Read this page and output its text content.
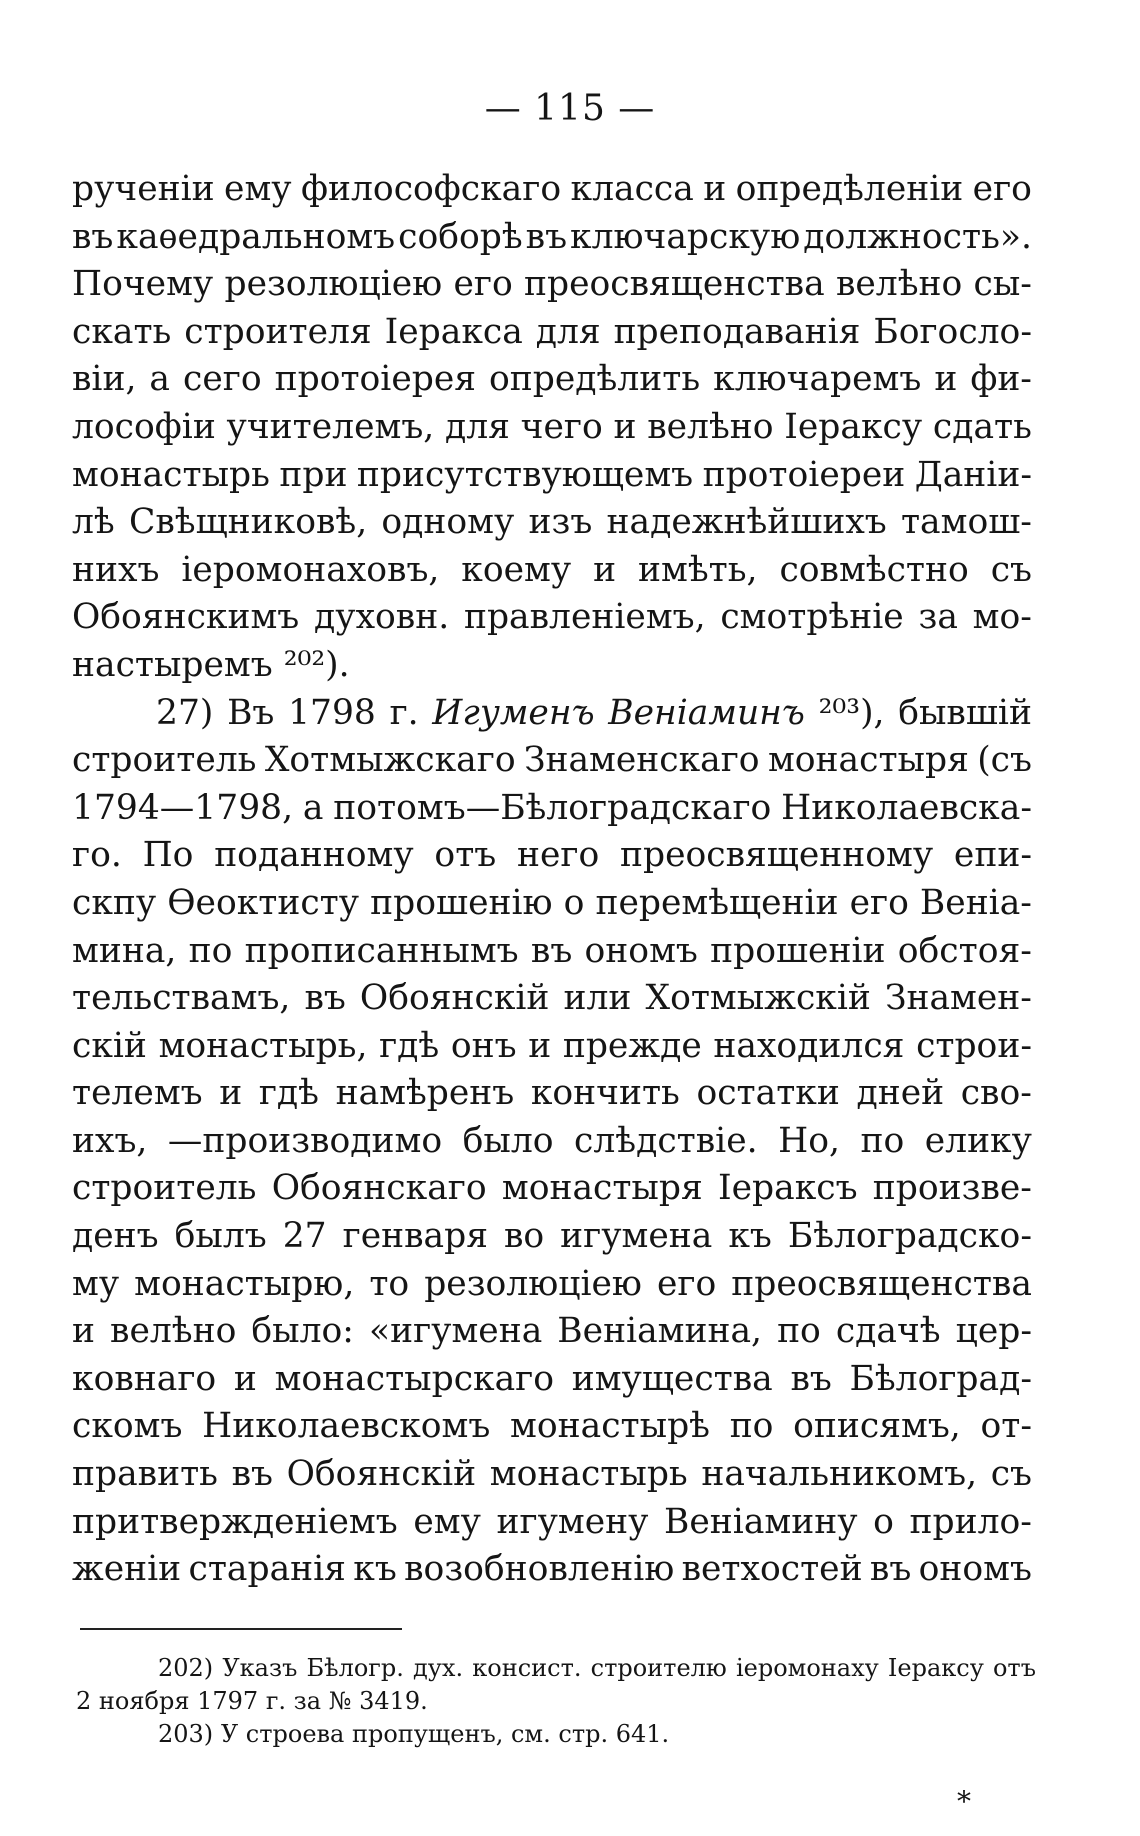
— 115 —
рученіи ему философскаго класса и опредѣленіи его
въ каѳедральномъ соборѣ въ ключарскую должность».
Почему резолюціею его преосвященства велѣно сы-
скать строителя Іеракса для преподаванія Богосло-
віи, а сего протоіерея опредѣлить ключаремъ и фи-
лософіи учителемъ, для чего и велѣно Іераксу сдать
монастырь при присутствующемъ протоіереи Даніи-
лѣ Свѣщниковѣ, одному изъ надежнѣйшихъ тамош-
нихъ іеромонаховъ, коему и имѣть, совмѣстно съ
Обоянскимъ духовн. правленіемъ, смотрѣніе за мо-
настыремъ
²⁰²).
27) Въ 1798 г. Игуменъ Веніаминъ ²⁰³), бывшій
строитель Хотмыжскаго Знаменскаго монастыря (съ
1794—1798, а потомъ—Бѣлоградскаго Николаевска-
го. По поданному отъ него преосвященному епи-
скпу Ѳеоктисту прошенію о перемѣщеніи его Веніа-
мина, по прописаннымъ въ ономъ прошеніи обстоя-
тельствамъ, въ Обоянскій или Хотмыжскій Знамен-
скій монастырь, гдѣ онъ и прежде находился строи-
телемъ и гдѣ намѣренъ кончить остатки дней сво-
ихъ, —производимо было слѣдствіе. Но, по елику
строитель Обоянскаго монастыря Іераксъ произве-
денъ былъ 27 генваря во игумена къ Бѣлоградско-
му монастырю, то резолюціею его преосвященства
и велѣно было: «игумена Веніамина, по сдачѣ цер-
ковнаго и монастырскаго имущества въ Бѣлоград-
скомъ Николаевскомъ монастырѣ по описямъ, от-
править въ Обоянскій монастырь начальникомъ, съ
притвержденіемъ ему игумену Веніамину о прило-
женіи старанія къ возобновленію ветхостей въ ономъ
202) Указъ Бѣлогр. дух. консист. строителю іеромонаху Іераксу отъ
2
ноября
1797
г.
за
№
3419.
203)
У
строева
пропущенъ,
см.
стр.
641.
*
